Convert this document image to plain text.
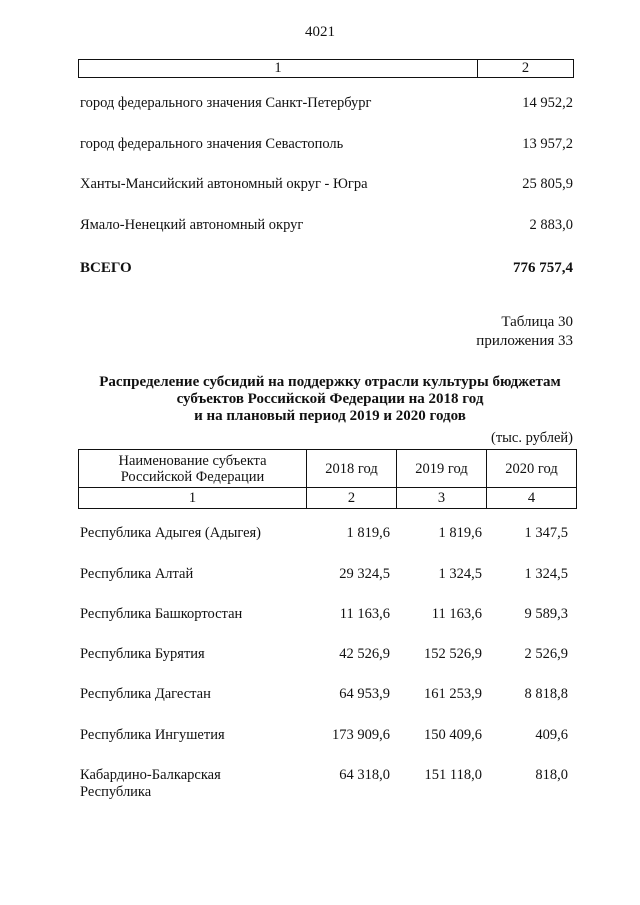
4021
1	2
город федерального значения Санкт-Петербург	14 952,2
город федерального значения Севастополь	13 957,2
Ханты-Мансийский автономный округ - Югра	25 805,9
Ямало-Ненецкий автономный округ	2 883,0
ВСЕГО	776 757,4
Таблица 30
приложения 33
Распределение субсидий на поддержку отрасли культуры бюджетам
субъектов Российской Федерации на 2018 год
и на плановый период 2019 и 2020 годов
(тыс. рублей)
Наименование субъекта
Российской Федерации	2018 год	2019 год	2020 год
1	2	3	4
Республика Адыгея (Адыгея)	1 819,6	1 819,6	1 347,5
Республика Алтай	29 324,5	1 324,5	1 324,5
Республика Башкортостан	11 163,6	11 163,6	9 589,3
Республика Бурятия	42 526,9	152 526,9	2 526,9
Республика Дагестан	64 953,9	161 253,9	8 818,8
Республика Ингушетия	173 909,6	150 409,6	409,6
Кабардино-Балкарская
Республика
64 318,0	151 118,0	818,0
